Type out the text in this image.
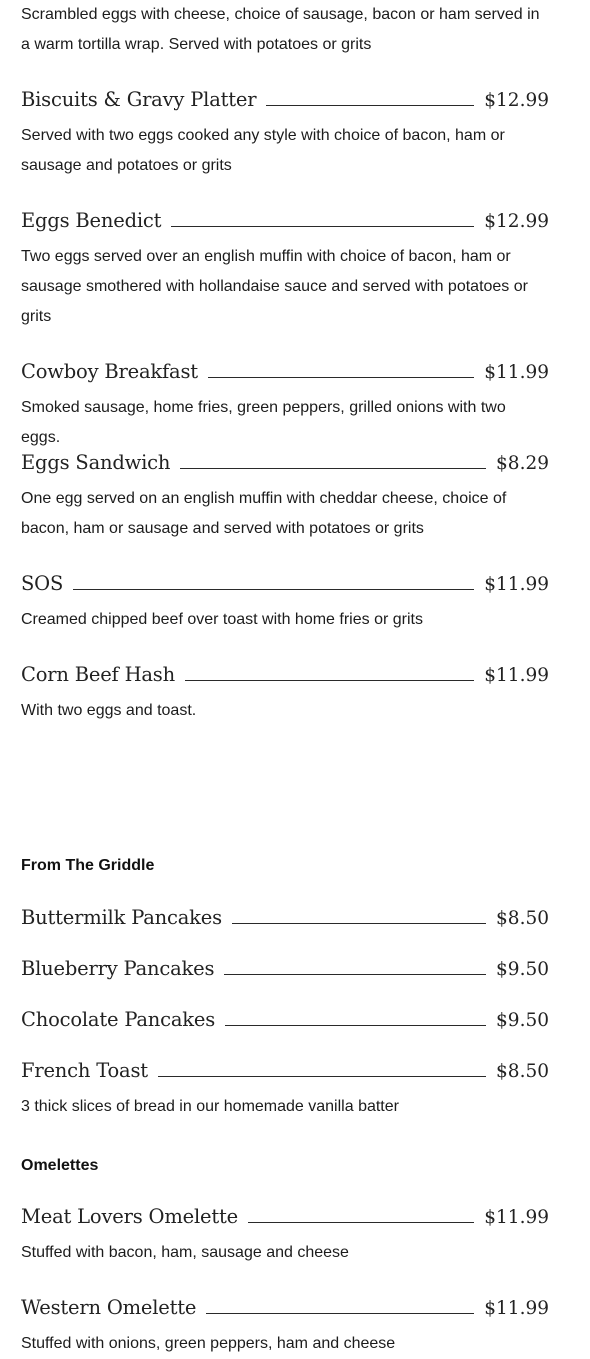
Scrambled eggs with cheese, choice of sausage, bacon or ham served in a warm tortilla wrap. Served with potatoes or grits

Biscuits & Gravy Platter	$12.99

Served with two eggs cooked any style with choice of bacon, ham or sausage and potatoes or grits

Eggs Benedict	$12.99

Two eggs served over an english muffin with choice of bacon, ham or sausage smothered with hollandaise sauce and served with potatoes or grits

Cowboy Breakfast	$11.99

Smoked sausage, home fries, green peppers, grilled onions with two eggs.

Eggs Sandwich	$8.29

One egg served on an english muffin with cheddar cheese, choice of bacon, ham or sausage and served with potatoes or grits

SOS	$11.99

Creamed chipped beef over toast with home fries or grits

Corn Beef Hash	$11.99

With two eggs and toast.

From The Griddle
Buttermilk Pancakes	$8.50
Blueberry Pancakes	$9.50
Chocolate Pancakes	$9.50
French Toast	$8.50

3 thick slices of bread in our homemade vanilla batter

Omelettes
Meat Lovers Omelette	$11.99

Stuffed with bacon, ham, sausage and cheese

Western Omelette	$11.99

Stuffed with onions, green peppers, ham and cheese
